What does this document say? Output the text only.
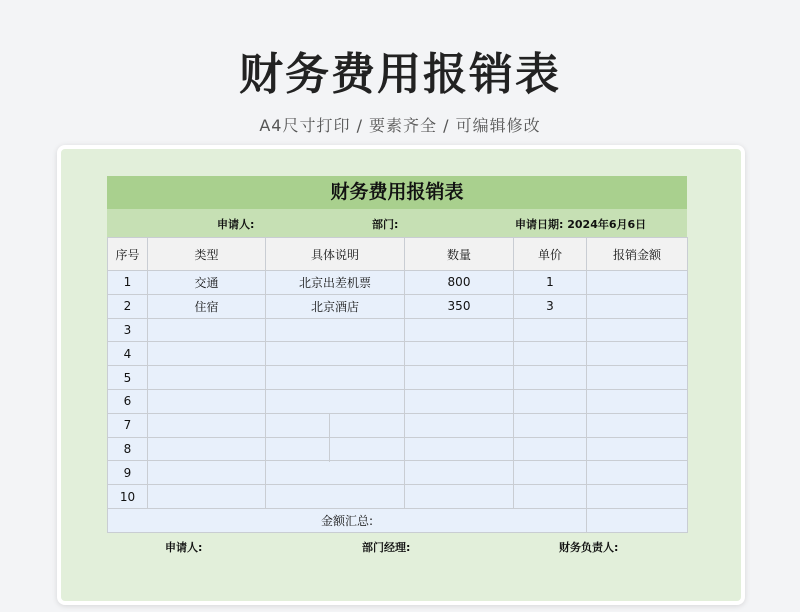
财务费用报销表
A4尺寸打印 / 要素齐全 / 可编辑修改
财务费用报销表
申请人:	部门:	申请日期: 2024年6月6日
序号	类型	具体说明	数量	单价	报销金额
1	交通	北京出差机票	800	1	
2	住宿	北京酒店	350	3	
3					
4					
5					
6					
7					
8					
9					
10					
金额汇总:					
申请人:	部门经理:	财务负责人:
